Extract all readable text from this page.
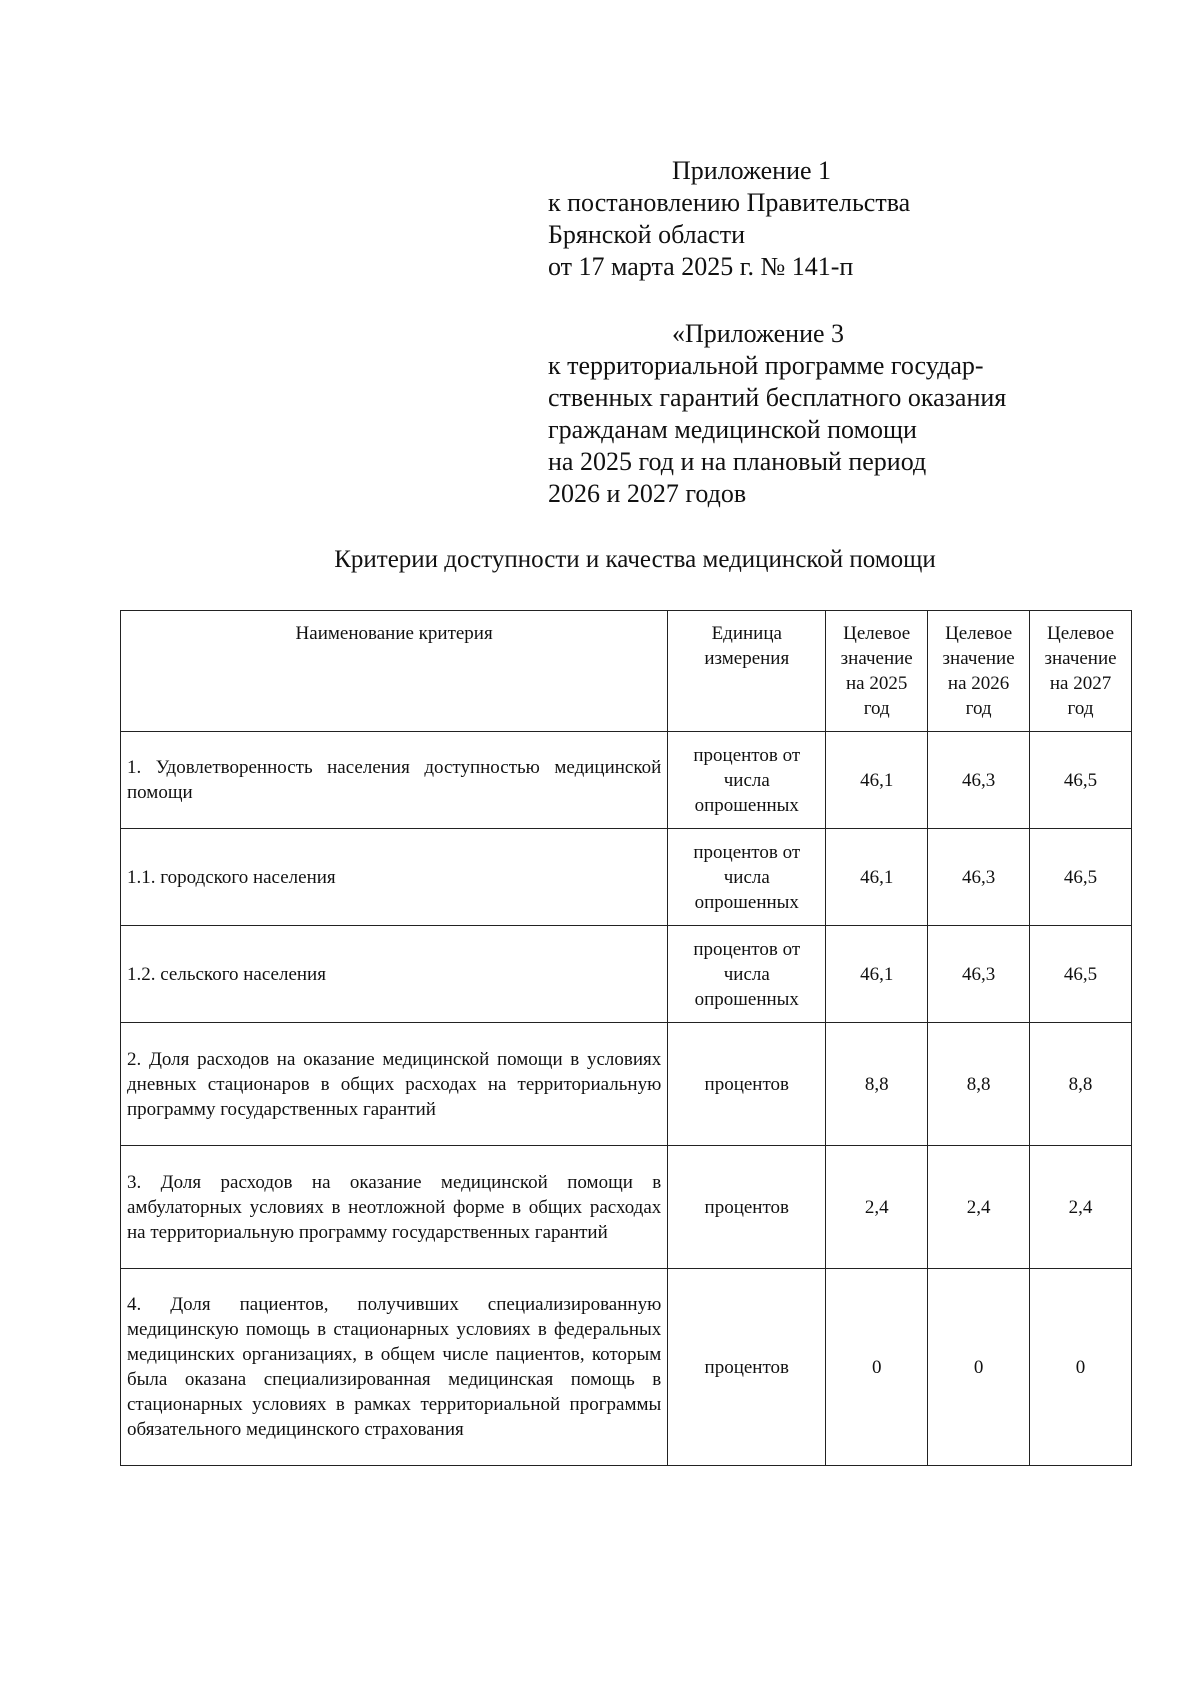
Приложение 1
к постановлению Правительства
Брянской области
от 17 марта 2025 г. № 141-п
«Приложение 3
к территориальной программе государ-
ственных гарантий бесплатного оказания
гражданам медицинской помощи
на 2025 год и на плановый период
2026 и 2027 годов
Критерии доступности и качества медицинской помощи
Наименование критерия	Единица измерения	Целевое значение на 2025 год	Целевое значение на 2026 год	Целевое значение на 2027 год
1. Удовлетворенность населения доступностью медицинской помощи	процентов от числа опрошенных	46,1	46,3	46,5
1.1. городского населения	процентов от числа опрошенных	46,1	46,3	46,5
1.2. сельского населения	процентов от числа опрошенных	46,1	46,3	46,5
2. Доля расходов на оказание медицинской помощи в условиях дневных стационаров в общих расходах на территориальную программу государственных гарантий	процентов	8,8	8,8	8,8
3. Доля расходов на оказание медицинской помощи в амбулаторных условиях в неотложной форме в общих расходах на территориальную программу государственных гарантий	процентов	2,4	2,4	2,4
4. Доля пациентов, получивших специализированную медицинскую помощь в стационарных условиях в федеральных медицинских организациях, в общем числе пациентов, которым была оказана специализированная медицинская помощь в стационарных условиях в рамках территориальной программы обязательного медицинского страхования	процентов	0	0	0
